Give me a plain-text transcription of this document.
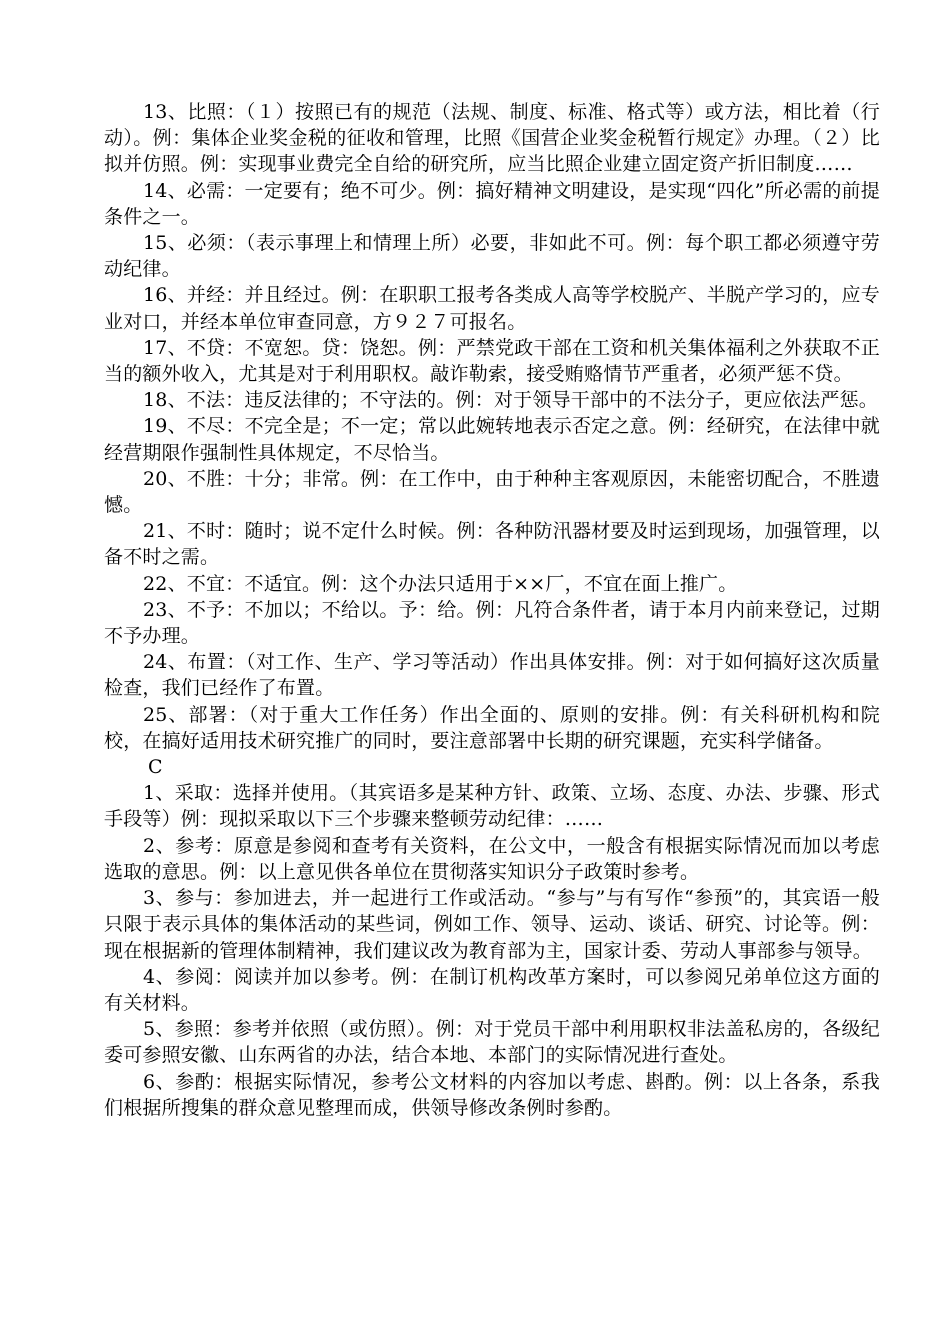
13、比照：（１）按照已有的规范（法规、制度、标准、格式等）或方法，相比着（行动）。例：集体企业奖金税的征收和管理，比照《国营企业奖金税暂行规定》办理。（２）比拟并仿照。例：实现事业费完全自给的研究所，应当比照企业建立固定资产折旧制度……

14、必需：一定要有；绝不可少。例：搞好精神文明建设，是实现“四化”所必需的前提条件之一。

15、必须：（表示事理上和情理上所）必要，非如此不可。例：每个职工都必须遵守劳动纪律。

16、并经：并且经过。例：在职职工报考各类成人高等学校脱产、半脱产学习的，应专业对口，并经本单位审查同意，方９２７可报名。

17、不贷：不宽恕。贷：饶恕。例：严禁党政干部在工资和机关集体福利之外获取不正当的额外收入，尤其是对于利用职权。敲诈勒索，接受贿赂情节严重者，必须严惩不贷。

18、不法：违反法律的；不守法的。例：对于领导干部中的不法分子，更应依法严惩。

19、不尽：不完全是；不一定；常以此婉转地表示否定之意。例：经研究，在法律中就经营期限作强制性具体规定，不尽恰当。

20、不胜：十分；非常。例：在工作中，由于种种主客观原因，未能密切配合，不胜遗憾。

21、不时：随时；说不定什么时候。例：各种防汛器材要及时运到现场，加强管理，以备不时之需。

22、不宜：不适宜。例：这个办法只适用于××厂，不宜在面上推广。

23、不予：不加以；不给以。予：给。例：凡符合条件者，请于本月内前来登记，过期不予办理。

24、布置：（对工作、生产、学习等活动）作出具体安排。例：对于如何搞好这次质量检查，我们已经作了布置。

25、部署：（对于重大工作任务）作出全面的、原则的安排。例：有关科研机构和院校，在搞好适用技术研究推广的同时，要注意部署中长期的研究课题，充实科学储备。

C

1、采取：选择并使用。（其宾语多是某种方针、政策、立场、态度、办法、步骤、形式手段等）例：现拟采取以下三个步骤来整顿劳动纪律：……

2、参考：原意是参阅和查考有关资料，在公文中，一般含有根据实际情况而加以考虑选取的意思。例：以上意见供各单位在贯彻落实知识分子政策时参考。

3、参与：参加进去，并一起进行工作或活动。“参与”与有写作“参预”的，其宾语一般只限于表示具体的集体活动的某些词，例如工作、领导、运动、谈话、研究、讨论等。例：现在根据新的管理体制精神，我们建议改为教育部为主，国家计委、劳动人事部参与领导。

4、参阅：阅读并加以参考。例：在制订机构改革方案时，可以参阅兄弟单位这方面的有关材料。

5、参照：参考并依照（或仿照）。例：对于党员干部中利用职权非法盖私房的，各级纪委可参照安徽、山东两省的办法，结合本地、本部门的实际情况进行查处。

6、参酌：根据实际情况，参考公文材料的内容加以考虑、斟酌。例：以上各条，系我们根据所搜集的群众意见整理而成，供领导修改条例时参酌。
